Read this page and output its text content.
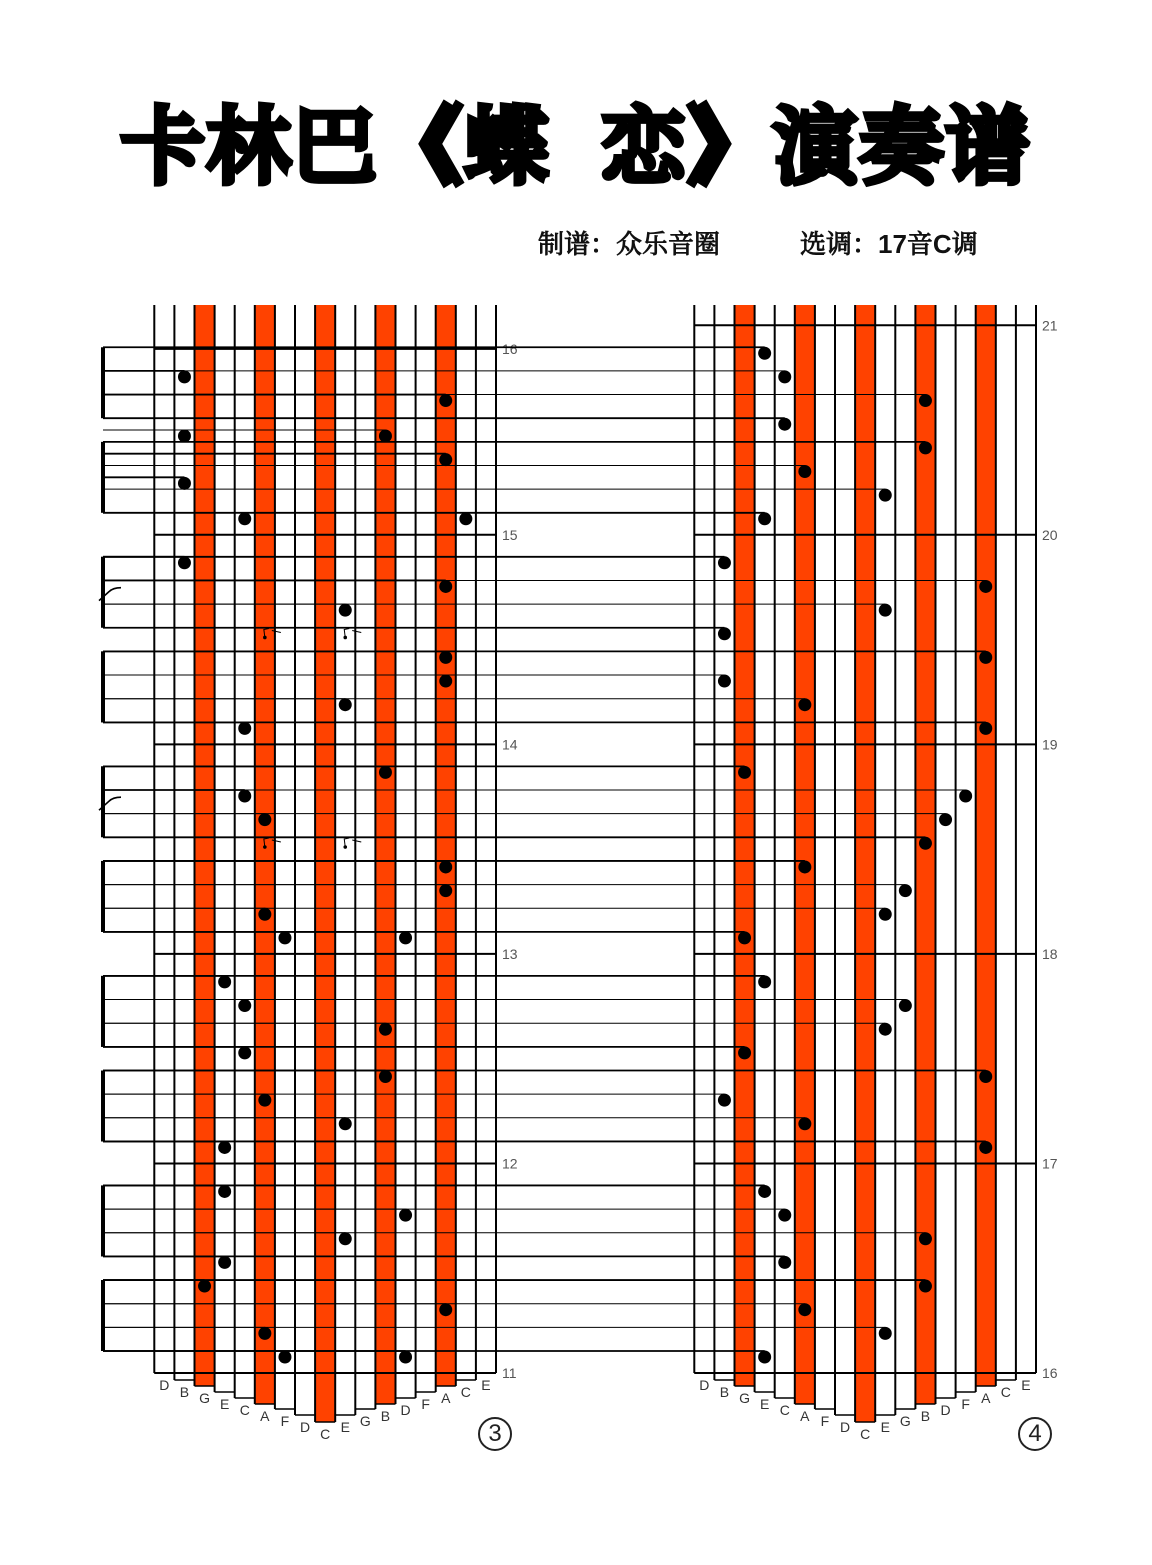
卡林巴《蝶  恋》演奏谱
制谱：众乐音圈	选调：17音C调
D B G E C A F D C E G B D F A C E
11
12
13
14
15
16
D B G E C A F D C E G B D F A C E
16
17
18
19
20
21
3	4
